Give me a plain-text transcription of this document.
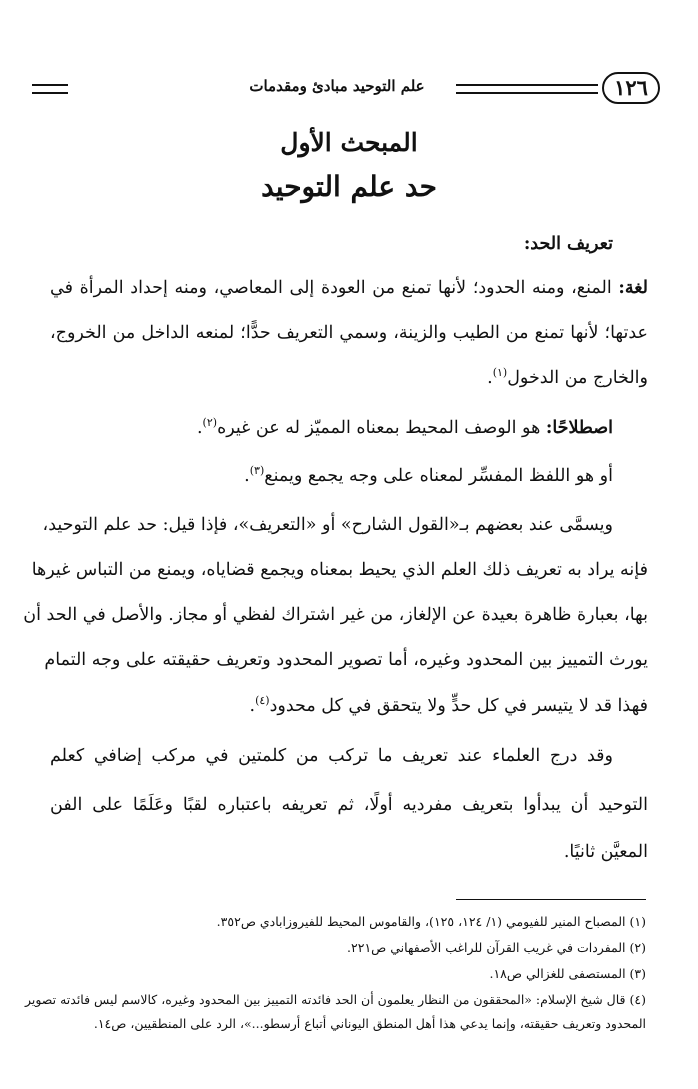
١٢٦
علم التوحيد مبادئ ومقدمات
المبحث الأول
حد علم التوحيد
تعريف الحد:
لغة: المنع، ومنه الحدود؛ لأنها تمنع من العودة إلى المعاصي، ومنه إحداد المرأة في
عدتها؛ لأنها تمنع من الطيب والزينة، وسمي التعريف حدًّا؛ لمنعه الداخل من الخروج،
والخارج من الدخول$^{(١)}$.
اصطلاحًا: هو الوصف المحيط بمعناه المميّز له عن غيره$^{(٢)}$.
أو هو اللفظ المفسِّر لمعناه على وجه يجمع ويمنع$^{(٣)}$.
ويسمَّى عند بعضهم بـ«القول الشارح» أو «التعريف»، فإذا قيل: حد علم التوحيد،
فإنه يراد به تعريف ذلك العلم الذي يحيط بمعناه ويجمع قضاياه، ويمنع من التباس غيرها
بها، بعبارة ظاهرة بعيدة عن الإلغاز، من غير اشتراك لفظي أو مجاز. والأصل في الحد أن
يورث التمييز بين المحدود وغيره، أما تصوير المحدود وتعريف حقيقته على وجه التمام
فهذا قد لا يتيسر في كل حدٍّ ولا يتحقق في كل محدود$^{(٤)}$.
وقد درج العلماء عند تعريف ما تركب من كلمتين في مركب إضافي كعلم
التوحيد أن يبدأوا بتعريف مفرديه أولًا، ثم تعريفه باعتباره لقبًا وعَلَمًا على الفن
المعيَّن ثانيًا.
(١) المصباح المنير للفيومي (١/ ١٢٤، ١٢٥)، والقاموس المحيط للفيروزابادي ص٣٥٢.
(٢) المفردات في غريب القرآن للراغب الأصفهاني ص٢٢١.
(٣) المستصفى للغزالي ص١٨.
(٤) قال شيخ الإسلام: «المحققون من النظار يعلمون أن الحد فائدته التمييز بين المحدود وغيره، كالاسم ليس فائدته تصوير
المحدود وتعريف حقيقته، وإنما يدعي هذا أهل المنطق اليوناني أتباع أرسطو...»، الرد على المنطقيين، ص١٤.
